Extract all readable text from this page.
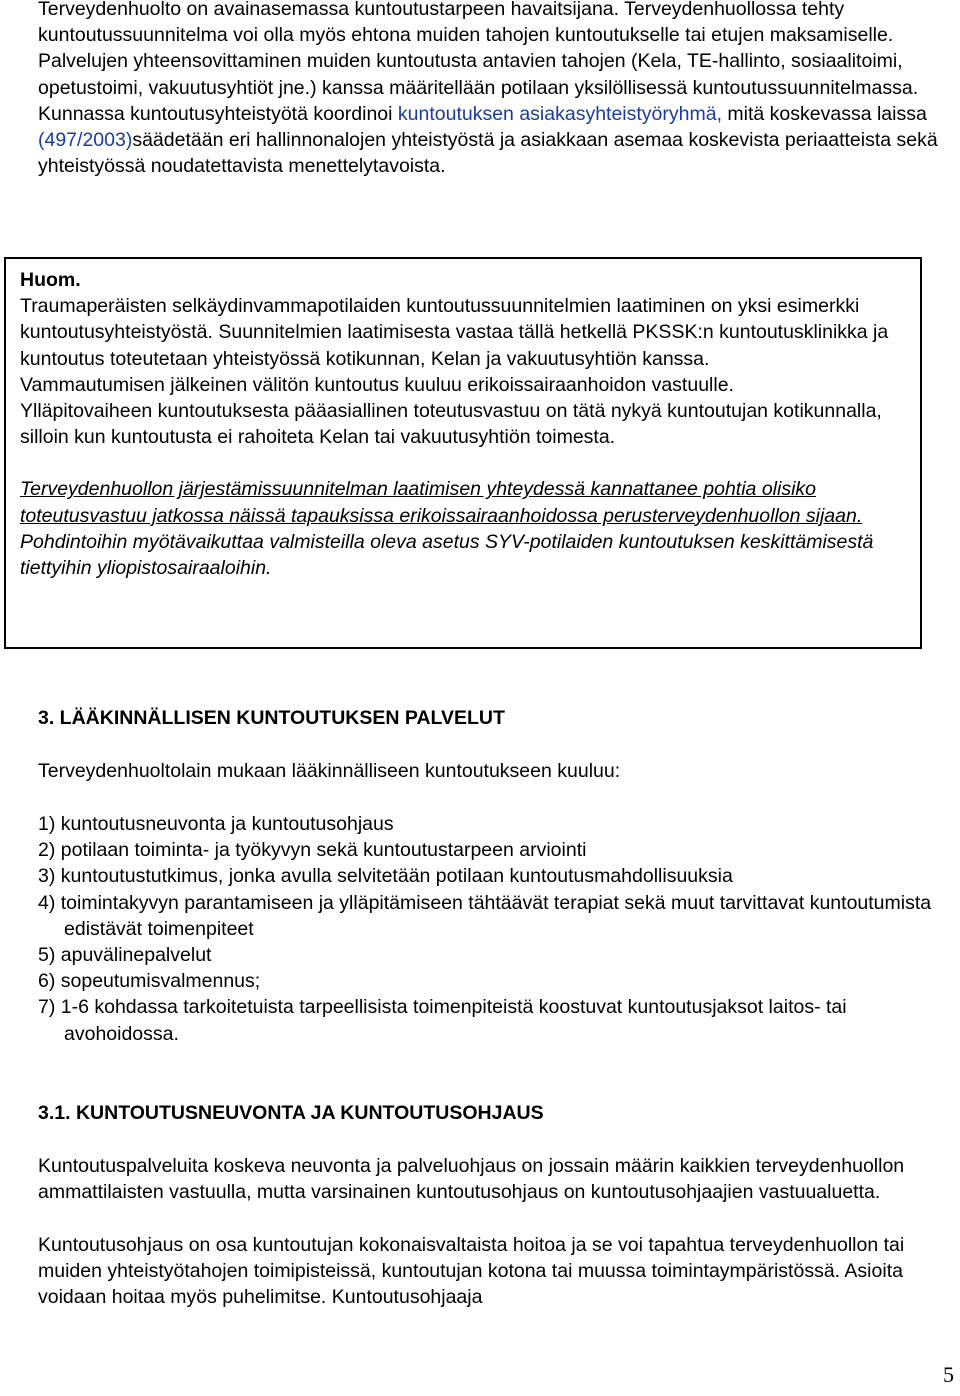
Terveydenhuolto on avainasemassa kuntoutustarpeen havaitsijana. Terveydenhuollossa tehty kuntoutussuunnitelma voi olla myös ehtona muiden tahojen kuntoutukselle tai etujen maksamiselle. Palvelujen yhteensovittaminen muiden kuntoutusta antavien tahojen (Kela, TE-hallinto, sosiaalitoimi, opetustoimi, vakuutusyhtiöt jne.) kanssa määritellään potilaan yksilöllisessä kuntoutussuunnitelmassa. Kunnassa kuntoutusyhteistyötä koordinoi kuntoutuksen asiakasyhteistyöryhmä, mitä koskevassa laissa (497/2003)säädetään eri hallinnonalojen yhteistyöstä ja asiakkaan asemaa koskevista periaatteista sekä yhteistyössä noudatettavista menettelytavoista.

Huom.

Traumaperäisten selkäydinvammapotilaiden kuntoutussuunnitelmien laatiminen on yksi esimerkki kuntoutusyhteistyöstä. Suunnitelmien laatimisesta vastaa tällä hetkellä PKSSK:n kuntoutusklinikka ja kuntoutus toteutetaan yhteistyössä kotikunnan, Kelan ja vakuutusyhtiön kanssa.

Vammautumisen jälkeinen välitön kuntoutus kuuluu erikoissairaanhoidon vastuulle.

Ylläpitovaiheen kuntoutuksesta pääasiallinen toteutusvastuu on tätä nykyä kuntoutujan kotikunnalla, silloin kun kuntoutusta ei rahoiteta Kelan tai vakuutusyhtiön toimesta.

Terveydenhuollon järjestämissuunnitelman laatimisen yhteydessä kannattanee pohtia olisiko toteutusvastuu jatkossa näissä tapauksissa erikoissairaanhoidossa perusterveydenhuollon sijaan. Pohdintoihin myötävaikuttaa valmisteilla oleva asetus SYV-potilaiden kuntoutuksen keskittämisestä tiettyihin yliopistosairaaloihin.

3. LÄÄKINNÄLLISEN KUNTOUTUKSEN PALVELUT

Terveydenhuoltolain mukaan lääkinnälliseen kuntoutukseen kuuluu:

1) kuntoutusneuvonta ja kuntoutusohjaus
2) potilaan toiminta- ja työkyvyn sekä kuntoutustarpeen arviointi
3) kuntoutustutkimus, jonka avulla selvitetään potilaan kuntoutusmahdollisuuksia
4) toimintakyvyn parantamiseen ja ylläpitämiseen tähtäävät terapiat sekä muut tarvittavat kuntoutumista edistävät toimenpiteet
5) apuvälinepalvelut
6) sopeutumisvalmennus;
7) 1-6 kohdassa tarkoitetuista tarpeellisista toimenpiteistä koostuvat kuntoutusjaksot laitos- tai avohoidossa.
3.1. KUNTOUTUSNEUVONTA JA KUNTOUTUSOHJAUS

Kuntoutuspalveluita koskeva neuvonta ja palveluohjaus on jossain määrin kaikkien terveydenhuollon ammattilaisten vastuulla, mutta varsinainen kuntoutusohjaus on kuntoutusohjaajien vastuualuetta.

Kuntoutusohjaus on osa kuntoutujan kokonaisvaltaista hoitoa ja se voi tapahtua terveydenhuollon tai muiden yhteistyötahojen toimipisteissä, kuntoutujan kotona tai muussa toimintaympäristössä. Asioita voidaan hoitaa myös puhelimitse. Kuntoutusohjaaja

5
